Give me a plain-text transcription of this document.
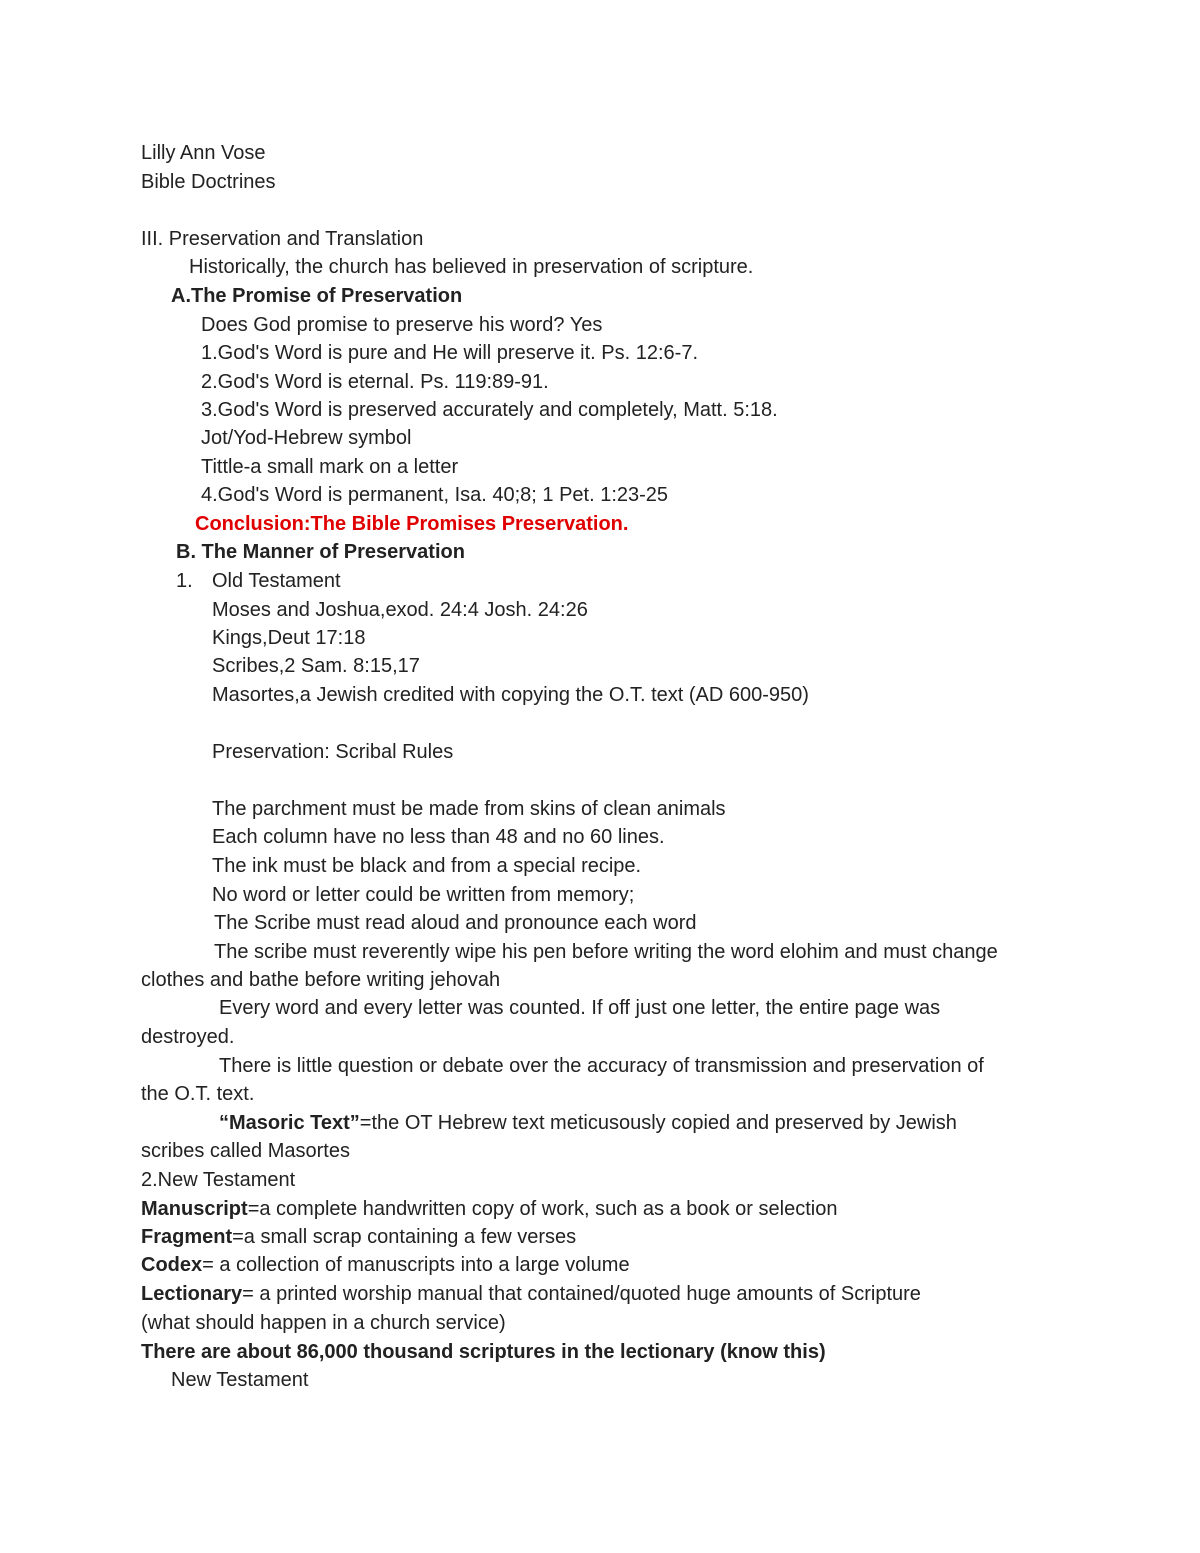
Lilly Ann Vose
Bible Doctrines
III. Preservation and Translation
Historically, the church has believed in preservation of scripture.
A.The Promise of Preservation
Does God promise to preserve his word? Yes
1.God's Word is pure and He will preserve it. Ps. 12:6-7.
2.God's Word is eternal. Ps. 119:89-91.
3.God's Word is preserved accurately and completely, Matt. 5:18.
Jot/Yod-Hebrew symbol
Tittle-a small mark on a letter
4.God's Word is permanent, Isa. 40;8; 1 Pet. 1:23-25
Conclusion:The Bible Promises Preservation.
B. The Manner of Preservation
1. Old Testament
Moses and Joshua,exod. 24:4 Josh. 24:26
Kings,Deut 17:18
Scribes,2 Sam. 8:15,17
Masortes,a Jewish credited with copying the O.T. text (AD 600-950)
Preservation: Scribal Rules
The parchment must be made from skins of clean animals
Each column have no less than 48 and no 60 lines.
The ink must be black and from a special recipe.
No word or letter could be written from memory;
The Scribe must read aloud and pronounce each word
The scribe must reverently wipe his pen before writing the word elohim and must change
clothes and bathe before writing jehovah
Every word and every letter was counted. If off just one letter, the entire page was
destroyed.
There is little question or debate over the accuracy of transmission and preservation of
the O.T. text.
“Masoric Text”=the OT Hebrew text meticusously copied and preserved by Jewish
scribes called Masortes
2.New Testament
Manuscript=a complete handwritten copy of work, such as a book or selection
Fragment=a small scrap containing a few verses
Codex= a collection of manuscripts into a large volume
Lectionary= a printed worship manual that contained/quoted huge amounts of Scripture
(what should happen in a church service)
There are about 86,000 thousand scriptures in the lectionary (know this)
New Testament
